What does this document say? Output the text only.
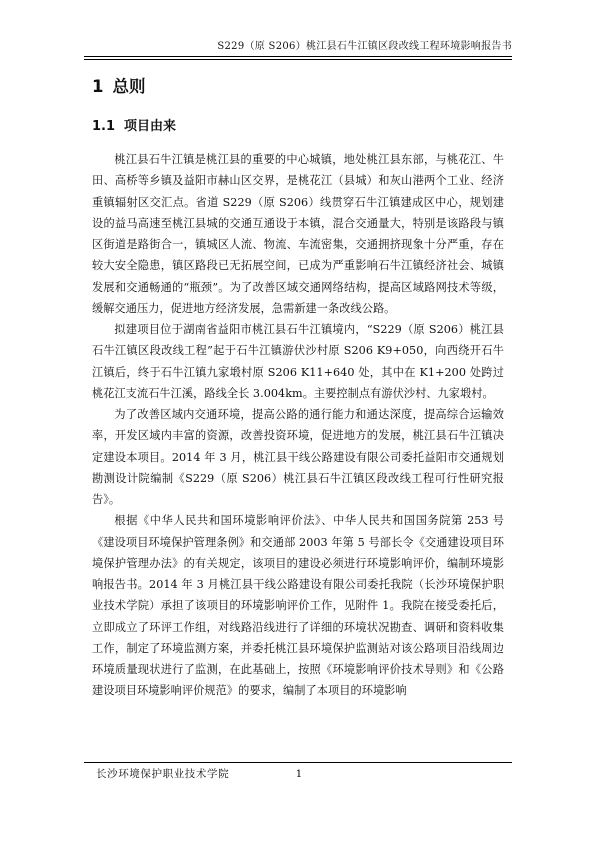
S229（原 S206）桃江县石牛江镇区段改线工程环境影响报告书
1 总则
1.1 项目由来

桃江县石牛江镇是桃江县的重要的中心城镇，地处桃江县东部，与桃花江、牛田、高桥等乡镇及益阳市赫山区交界，是桃花江（县城）和灰山港两个工业、经济重镇辐射区交汇点。省道 S229（原 S206）线贯穿石牛江镇建成区中心，规划建设的益马高速至桃江县城的交通互通设于本镇，混合交通量大，特别是该路段与镇区街道是路街合一，镇城区人流、物流、车流密集，交通拥挤现象十分严重，存在较大安全隐患，镇区路段已无拓展空间，已成为严重影响石牛江镇经济社会、城镇发展和交通畅通的“瓶颈”。为了改善区域交通网络结构，提高区域路网技术等级，缓解交通压力，促进地方经济发展，急需新建一条改线公路。

拟建项目位于湖南省益阳市桃江县石牛江镇境内，“S229（原 S206）桃江县石牛江镇区段改线工程”起于石牛江镇游伏沙村原 S206 K9+050，向西绕开石牛江镇后，终于石牛江镇九家塅村原 S206 K11+640 处，其中在 K1+200 处跨过桃花江支流石牛江溪，路线全长 3.004km。主要控制点有游伏沙村、九家塅村。

为了改善区域内交通环境，提高公路的通行能力和通达深度，提高综合运输效率，开发区域内丰富的资源，改善投资环境，促进地方的发展，桃江县石牛江镇决定建设本项目。2014 年 3 月，桃江县干线公路建设有限公司委托益阳市交通规划勘测设计院编制《S229（原 S206）桃江县石牛江镇区段改线工程可行性研究报告》。

根据《中华人民共和国环境影响评价法》、中华人民共和国国务院第 253 号《建设项目环境保护管理条例》和交通部 2003 年第 5 号部长令《交通建设项目环境保护管理办法》的有关规定，该项目的建设必须进行环境影响评价，编制环境影响报告书。2014 年 3 月桃江县干线公路建设有限公司委托我院（长沙环境保护职业技术学院）承担了该项目的环境影响评价工作，见附件 1。我院在接受委托后，立即成立了环评工作组，对线路沿线进行了详细的环境状况勘查、调研和资料收集工作，制定了环境监测方案，并委托桃江县环境保护监测站对该公路项目沿线周边环境质量现状进行了监测，在此基础上，按照《环境影响评价技术导则》和《公路建设项目环境影响评价规范》的要求，编制了本项目的环境影响

长沙环境保护职业技术学院	1
